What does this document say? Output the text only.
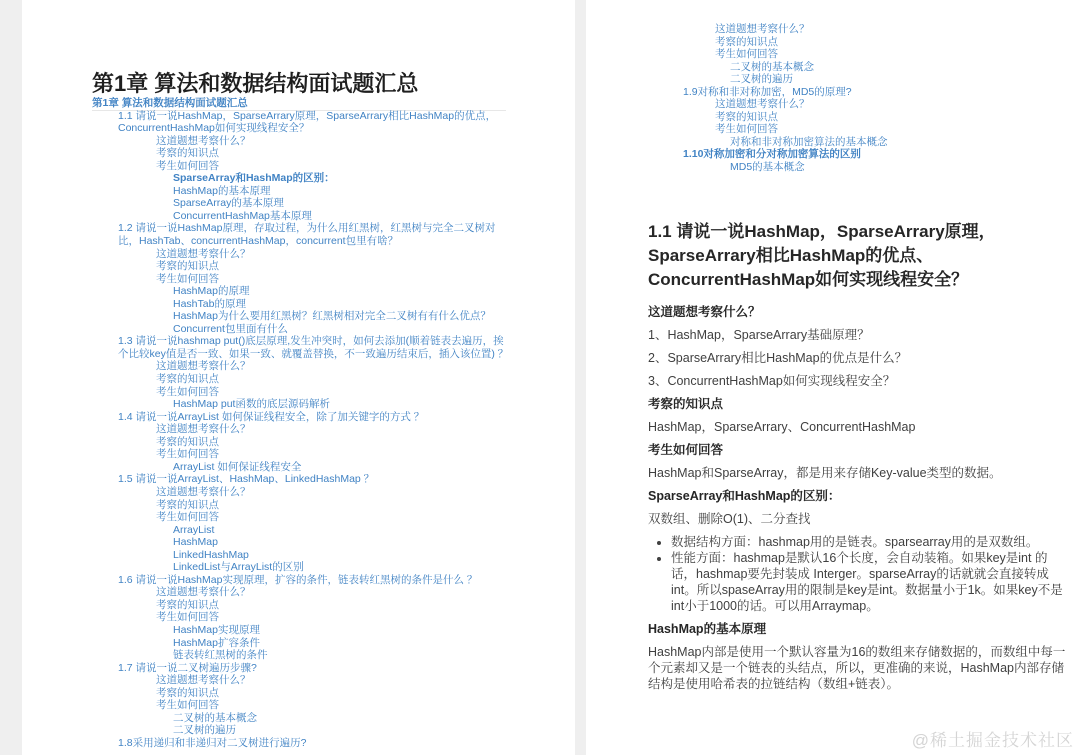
第1章 算法和数据结构面试题汇总
第1章 算法和数据结构面试题汇总
1.1 请说一说HashMap，SparseArrary原理，SparseArrary相比HashMap的优点，ConcurrentHashMap如何实现线程安全？
这道题想考察什么？
考察的知识点
考生如何回答
SparseArray和HashMap的区别：
HashMap的基本原理
SparseArray的基本原理
ConcurrentHashMap基本原理
1.2 请说一说HashMap原理，存取过程，为什么用红黑树，红黑树与完全二叉树对比，HashTab、concurrentHashMap，concurrent包里有啥？
这道题想考察什么？
考察的知识点
考生如何回答
HashMap的原理
HashTab的原理
HashMap为什么要用红黑树？红黑树相对完全二叉树有有什么优点？
Concurrent包里面有什么
1.3 请说一说hashmap put()底层原理,发生冲突时，如何去添加(顺着链表去遍历，挨个比较key值是否一致、如果一致、就覆盖替换，不一致遍历结束后，插入该位置) ？
这道题想考察什么？
考察的知识点
考生如何回答
HashMap put函数的底层源码解析
1.4 请说一说ArrayList 如何保证线程安全，除了加关键字的方式 ？
这道题想考察什么？
考察的知识点
考生如何回答
ArrayList 如何保证线程安全
1.5 请说一说ArrayList、HashMap、LinkedHashMap ？
这道题想考察什么？
考察的知识点
考生如何回答
ArrayList
HashMap
LinkedHashMap
LinkedList与ArrayList的区别
1.6 请说一说HashMap实现原理，扩容的条件，链表转红黑树的条件是什么 ？
这道题想考察什么？
考察的知识点
考生如何回答
HashMap实现原理
HashMap扩容条件
链表转红黑树的条件
1.7 请说一说二叉树遍历步骤?
这道题想考察什么？
考察的知识点
考生如何回答
二叉树的基本概念
二叉树的遍历
1.8采用递归和非递归对二叉树进行遍历?
这道题想考察什么？
考察的知识点
考生如何回答
二叉树的基本概念
二叉树的遍历
1.9对称和非对称加密，MD5的原理?
这道题想考察什么？
考察的知识点
考生如何回答
对称和非对称加密算法的基本概念
1.10对称加密和分对称加密算法的区别
MD5的基本概念
1.1 请说一说HashMap，SparseArrary原理，SparseArrary相比HashMap的优点、ConcurrentHashMap如何实现线程安全？
这道题想考察什么？

1、HashMap，SparseArrary基础原理？

2、SparseArrary相比HashMap的优点是什么？

3、ConcurrentHashMap如何实现线程安全？

考察的知识点

HashMap，SparseArrary、ConcurrentHashMap

考生如何回答

HashMap和SparseArray，都是用来存储Key-value类型的数据。

SparseArray和HashMap的区别：

双数组、删除O(1)、二分查找

• 数据结构方面：hashmap用的是链表。sparsearray用的是双数组。
• 性能方面：hashmap是默认16个长度，会自动装箱。如果key是int 的话，hashmap要先封装成 Interger。sparseArray的话就就会直接转成int。所以spaseArray用的限制是key是int。数据量小于1k。如果key不是int小于1000的话。可以用Arraymap。

HashMap的基本原理

HashMap内部是使用一个默认容量为16的数组来存储数据的，而数组中每一个元素却又是一个链表的头结点，所以，更准确的来说，HashMap内部存储结构是使用哈希表的拉链结构（数组+链表）。

@稀土掘金技术社区
